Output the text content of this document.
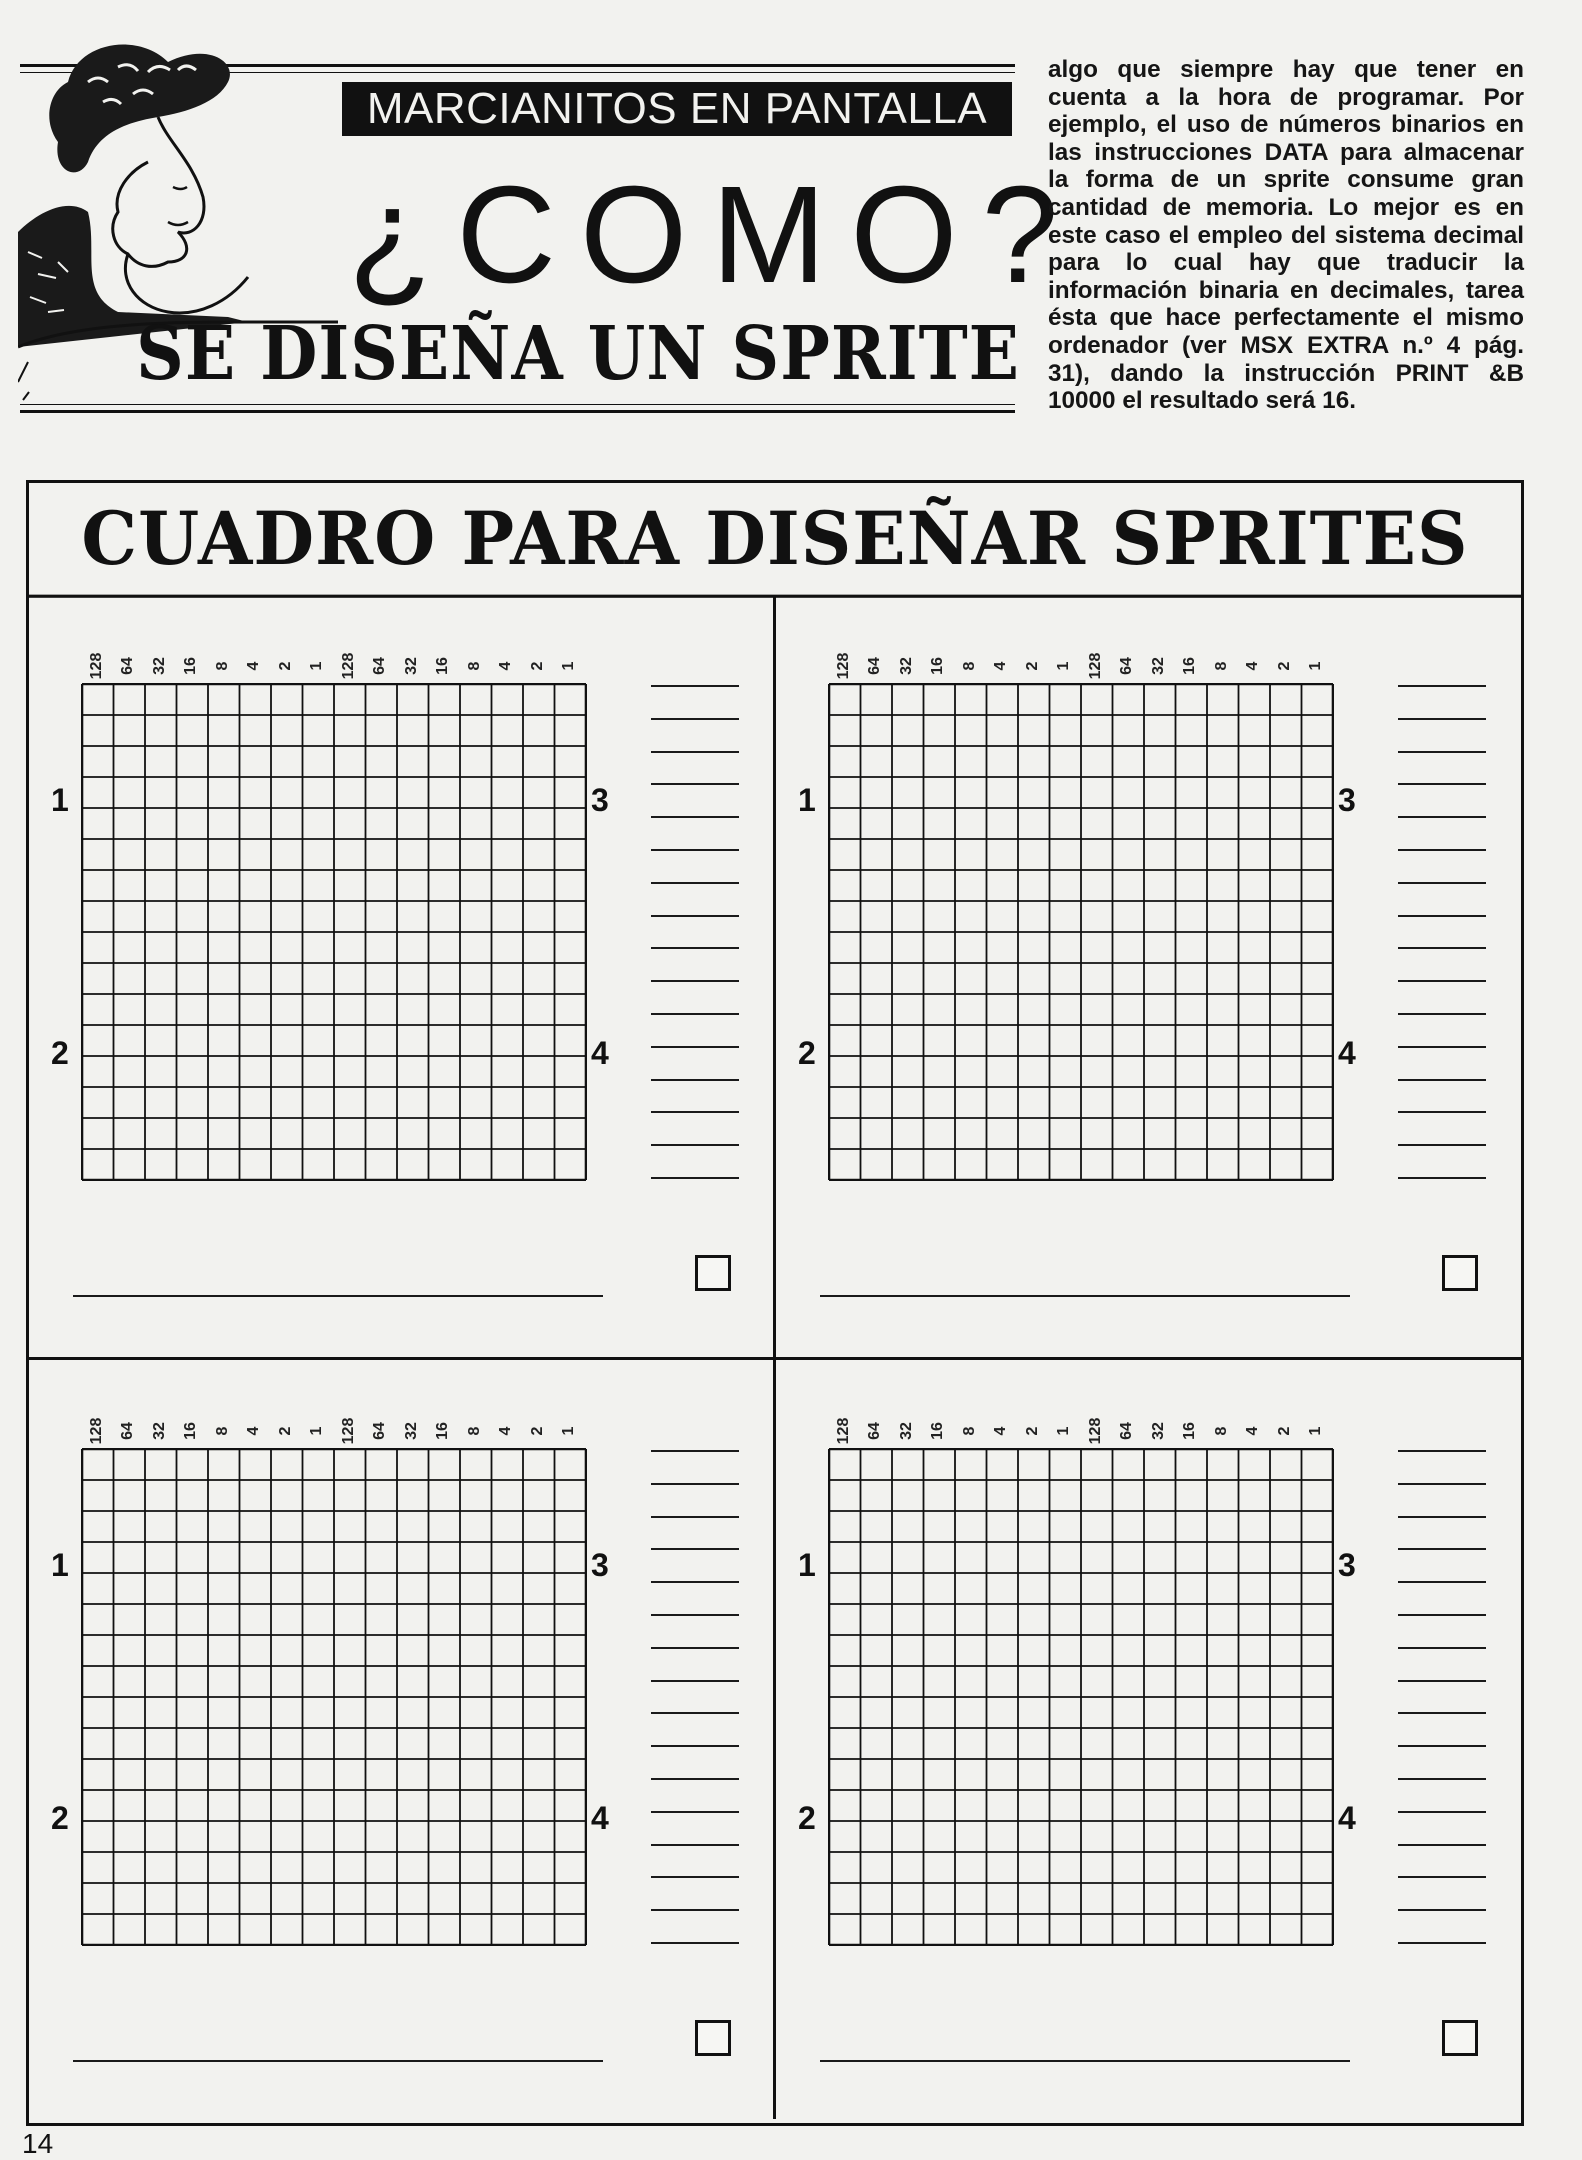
MARCIANITOS EN PANTALLA
¿COMO?
SE DISEÑA UN SPRITE
algo que siempre hay que tener en cuenta a la hora de programar. Por ejemplo, el uso de números binarios en las instrucciones DATA para almacenar la forma de un sprite consume gran cantidad de memoria. Lo mejor es en este caso el empleo del sistema decimal para lo cual hay que traducir la información binaria en decimales, tarea ésta que hace perfectamente el mismo ordenador (ver MSX EXTRA n.º 4 pág. 31), dando la instrucción PRINT &B 10000 el resultado será 16.
CUADRO PARA DISEÑAR SPRITES
128 64 32 16 8 4 2 1 128 64 32 16 8 4 2 1
1
2
3
4
128 64 32 16 8 4 2 1 128 64 32 16 8 4 2 1
1
2
3
4
128 64 32 16 8 4 2 1 128 64 32 16 8 4 2 1
1
2
3
4
128 64 32 16 8 4 2 1 128 64 32 16 8 4 2 1
1
2
3
4
14
